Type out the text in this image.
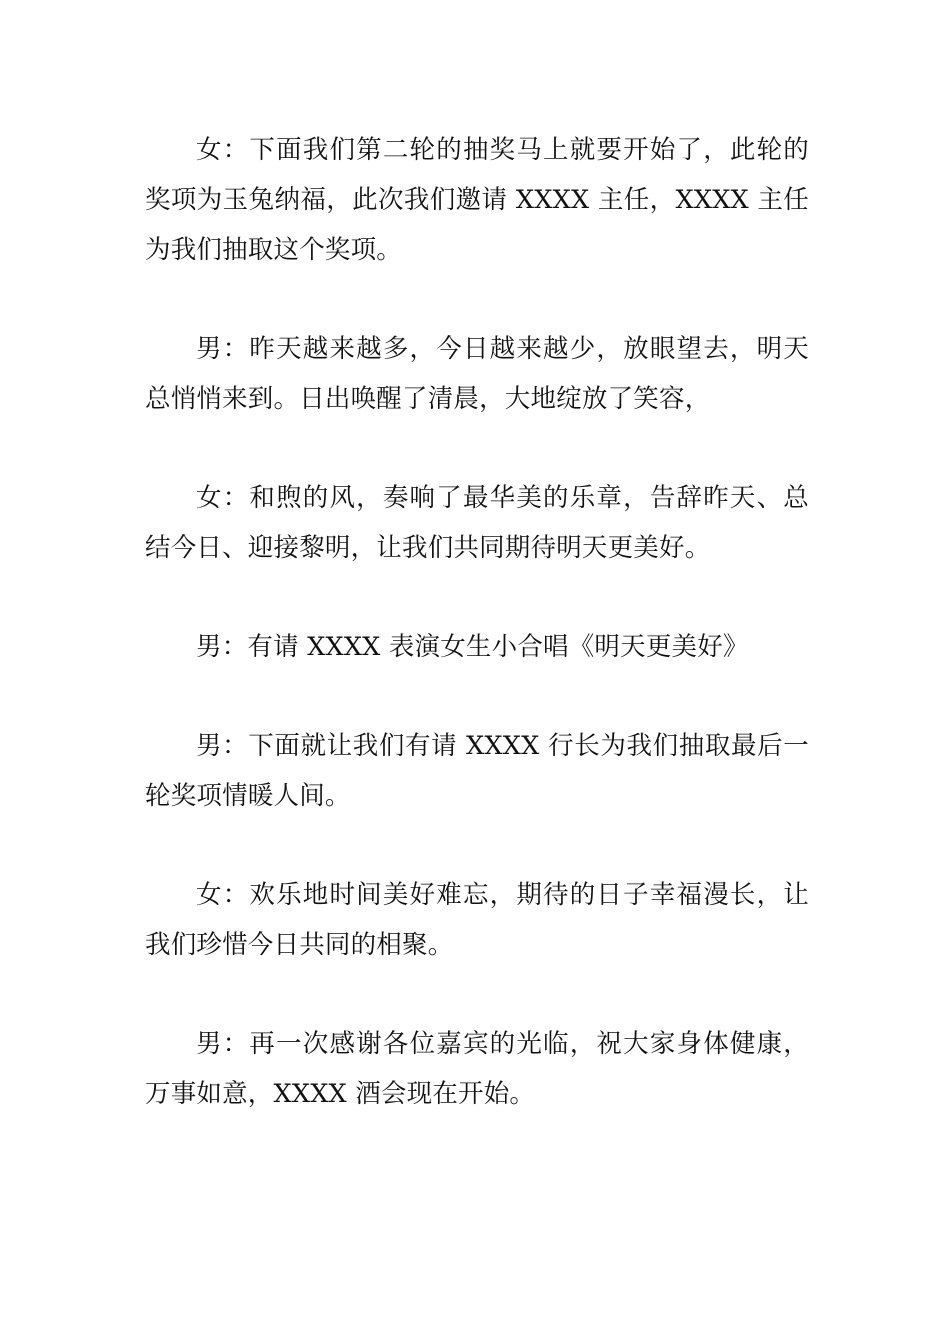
女：下面我们第二轮的抽奖马上就要开始了，此轮的奖项为玉兔纳福，此次我们邀请 XXXX 主任，XXXX 主任为我们抽取这个奖项。

男：昨天越来越多，今日越来越少，放眼望去，明天总悄悄来到。日出唤醒了清晨，大地绽放了笑容，

女：和煦的风，奏响了最华美的乐章，告辞昨天、总结今日、迎接黎明，让我们共同期待明天更美好。

男：有请 XXXX 表演女生小合唱《明天更美好》

男：下面就让我们有请 XXXX 行长为我们抽取最后一轮奖项情暖人间。

女：欢乐地时间美好难忘，期待的日子幸福漫长，让我们珍惜今日共同的相聚。

男：再一次感谢各位嘉宾的光临，祝大家身体健康，万事如意，XXXX 酒会现在开始。
